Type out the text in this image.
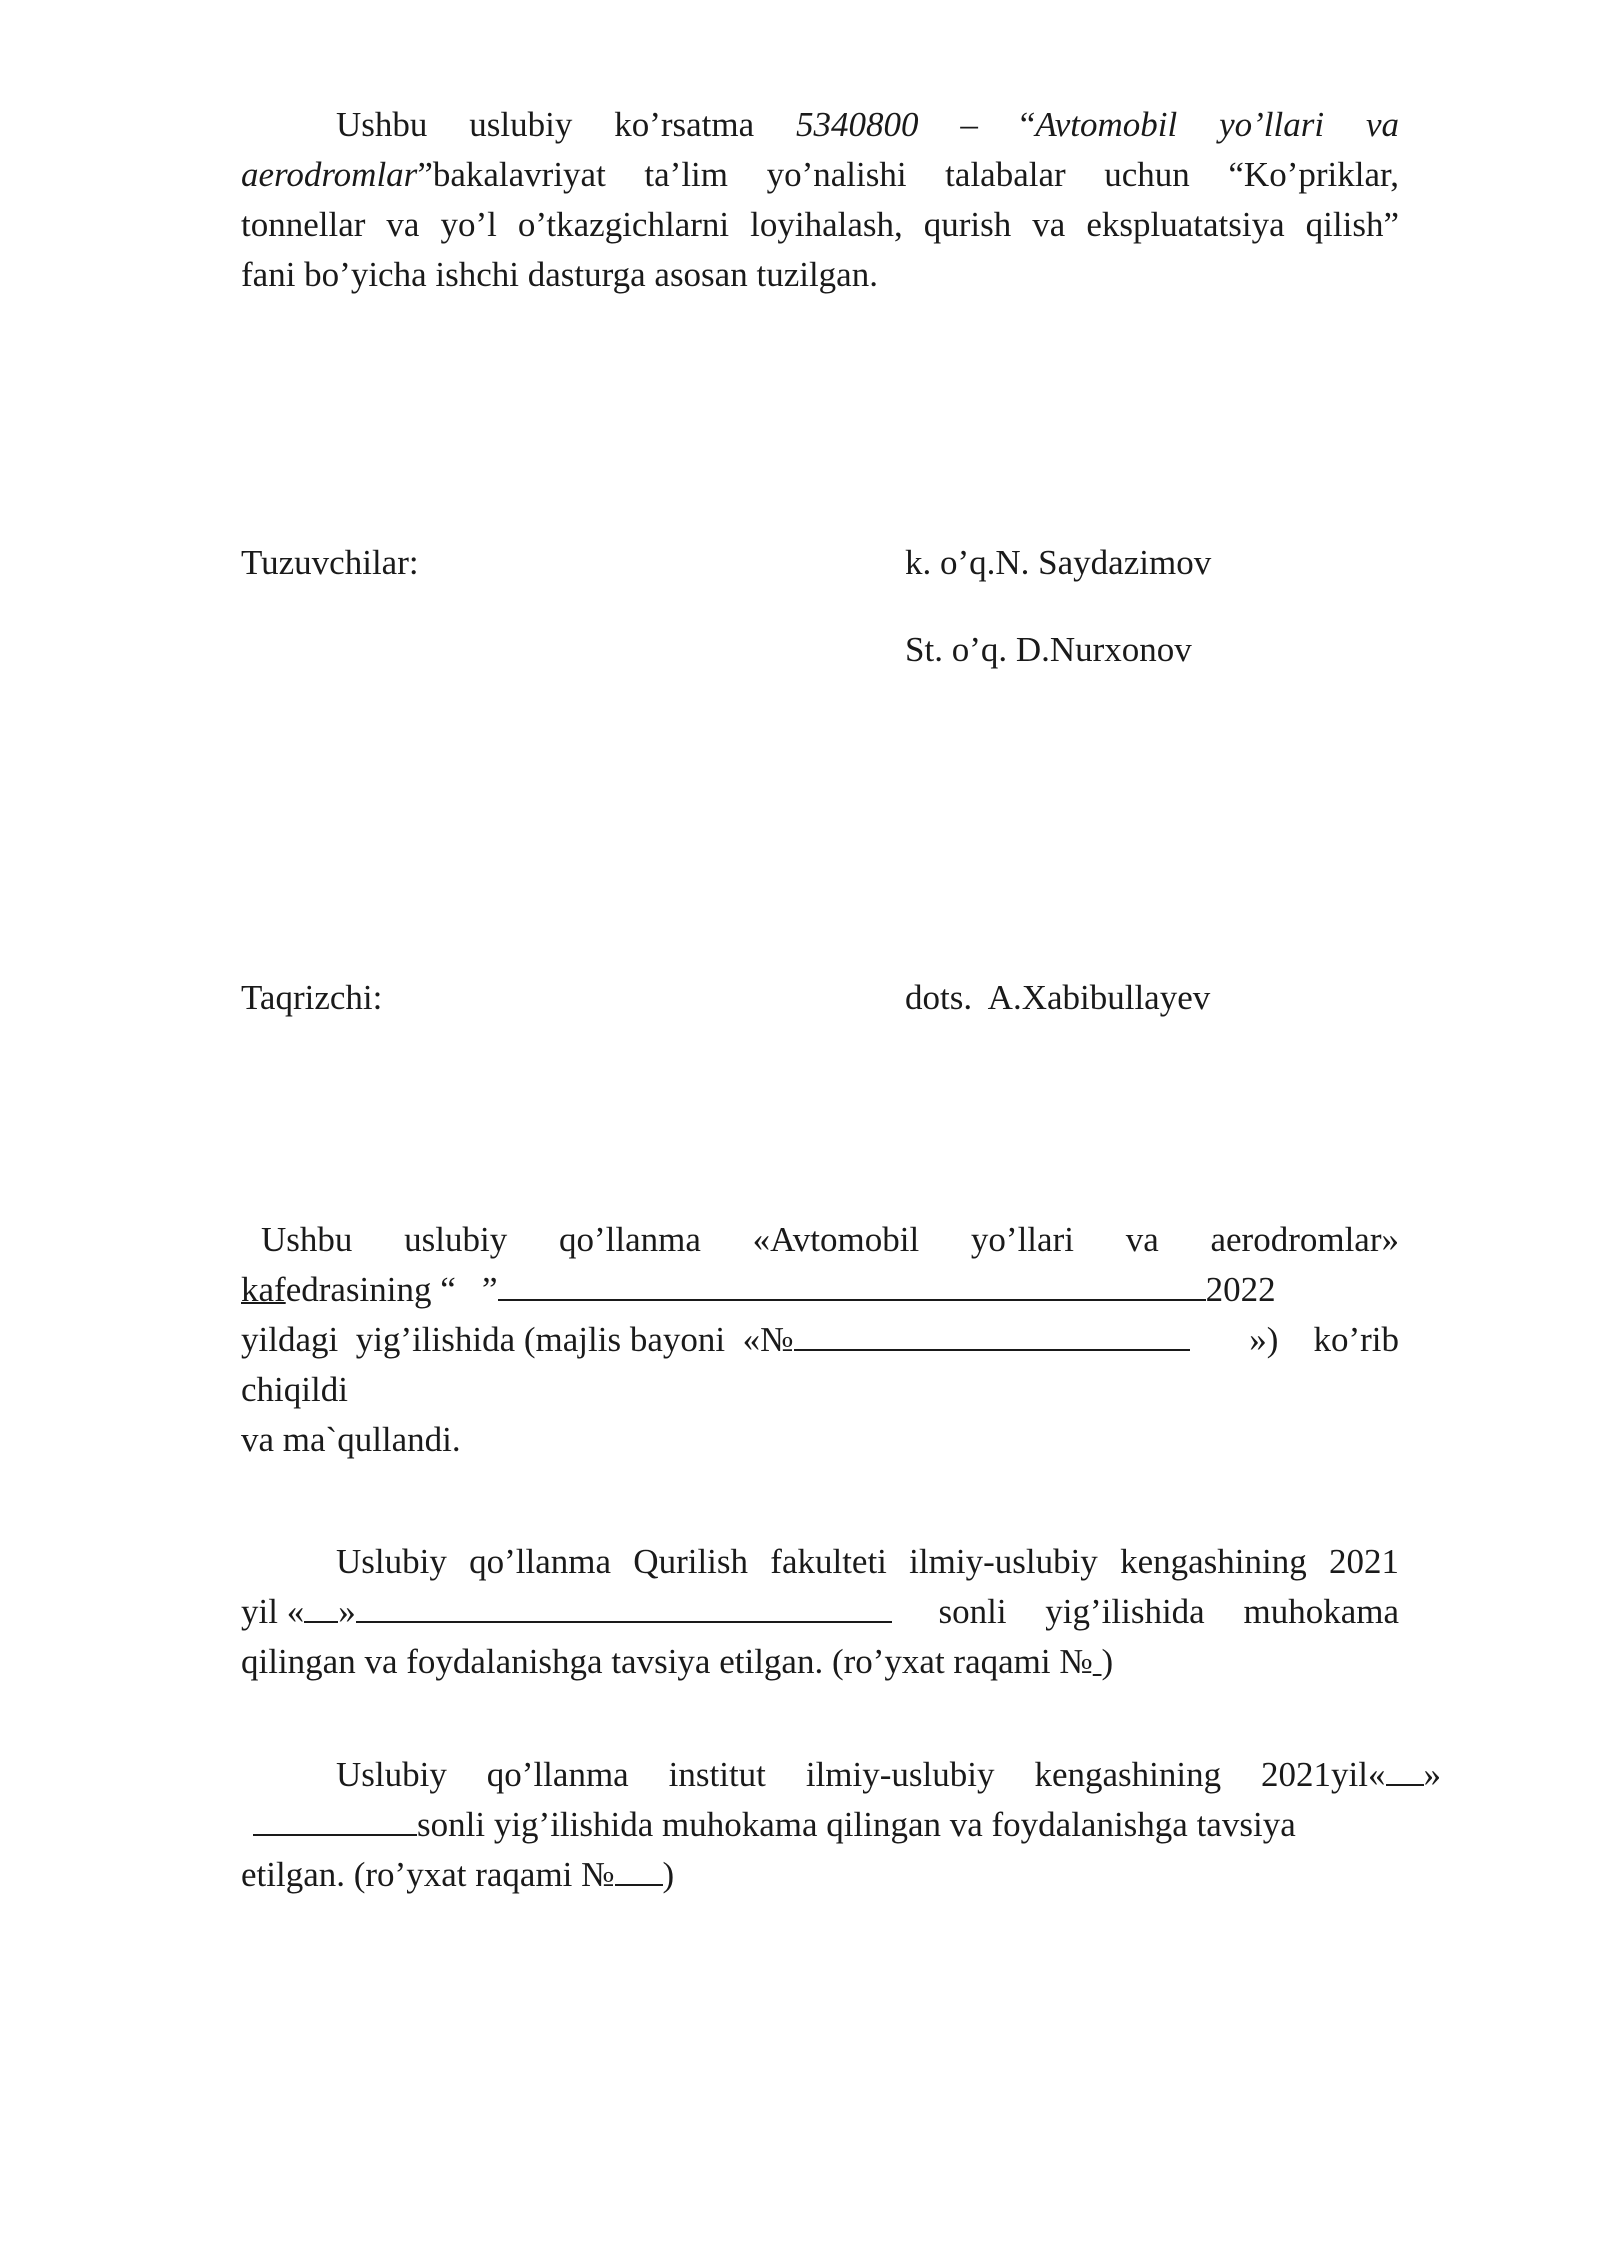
Ushbu uslubiy ko’rsatma 5340800 – “Avtomobil yo’llari va
aerodromlar”bakalavriyat ta’lim yo’nalishi talabalar uchun “Ko’priklar,
tonnellar va yo’l o’tkazgichlarni loyihalash, qurish va ekspluatatsiya qilish”
fani bo’yicha ishchi dasturga asosan tuzilgan.
Tuzuvchilar:	k. o’q.N. Saydazimov
St. o’q. D.Nurxonov
Taqrizchi:	dots.  A.Xabibullayev
Ushbu uslubiy qo’llanma «Avtomobil yo’llari va aerodromlar»
kafedrasining “   ”	2022
yildagi  yig’ilishida (majlis bayoni  «№	»)    ko’rib
chiqildi
va ma`qullandi.
Uslubiy qo’llanma Qurilish fakulteti ilmiy-uslubiy kengashining 2021
yil « »	sonli yig’ilishida muhokama
qilingan va foydalanishga tavsiya etilgan. (ro’yxat raqami № )
Uslubiy qo’llanma institut ilmiy-uslubiy kengashining 2021yil« »
sonli yig’ilishida muhokama qilingan va foydalanishga tavsiya
etilgan. (ro’yxat raqami № )
